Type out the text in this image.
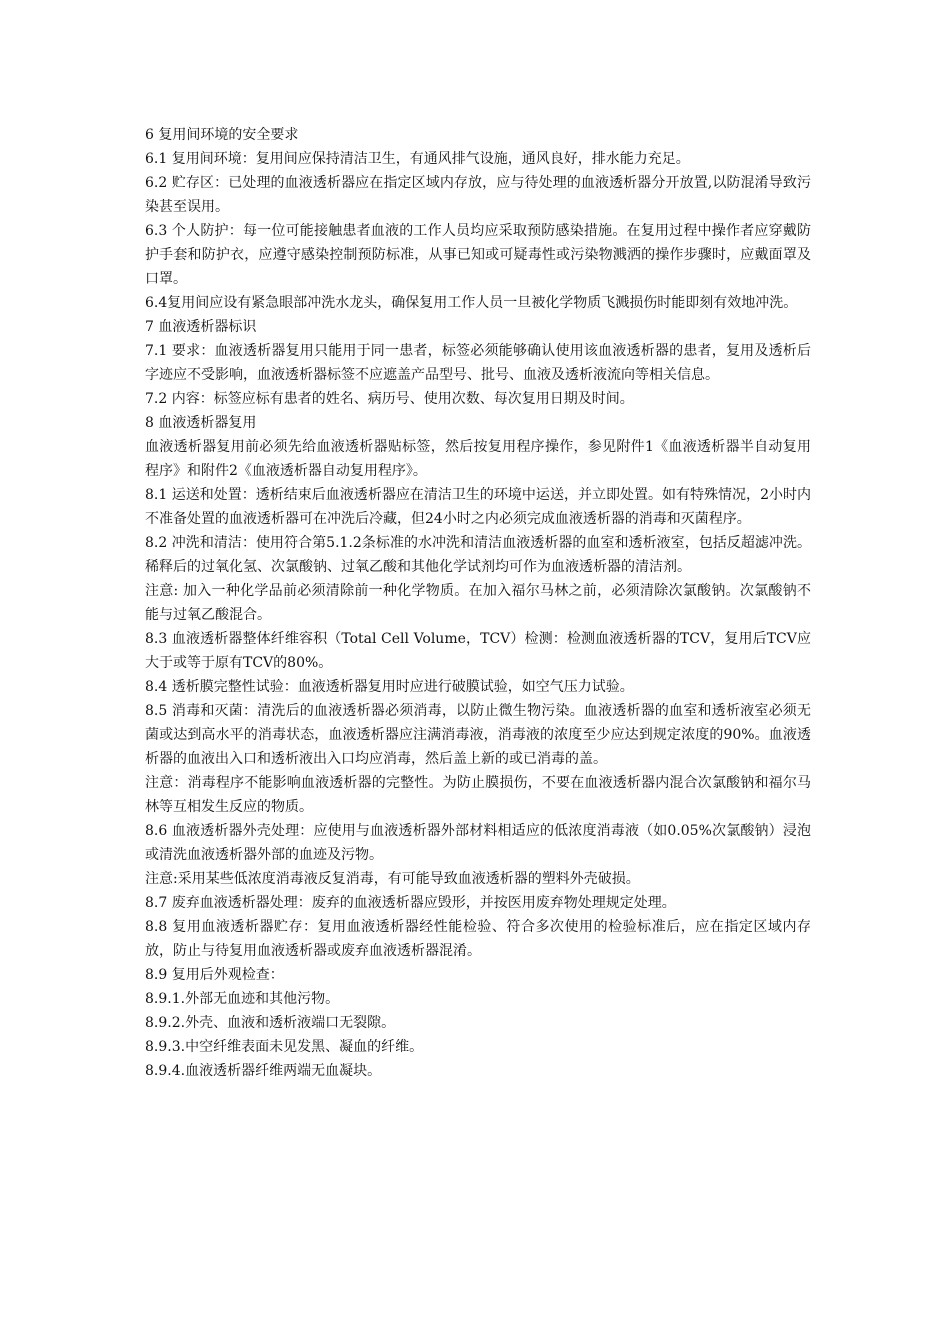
6 复用间环境的安全要求

6.1 复用间环境：复用间应保持清洁卫生，有通风排气设施，通风良好，排水能力充足。

6.2 贮存区：已处理的血液透析器应在指定区域内存放，应与待处理的血液透析器分开放置,以防混淆导致污染甚至误用。

6.3 个人防护：每一位可能接触患者血液的工作人员均应采取预防感染措施。在复用过程中操作者应穿戴防护手套和防护衣，应遵守感染控制预防标准，从事已知或可疑毒性或污染物溅洒的操作步骤时，应戴面罩及口罩。

6.4复用间应设有紧急眼部冲洗水龙头，确保复用工作人员一旦被化学物质飞溅损伤时能即刻有效地冲洗。

7 血液透析器标识

7.1 要求：血液透析器复用只能用于同一患者，标签必须能够确认使用该血液透析器的患者，复用及透析后字迹应不受影响，血液透析器标签不应遮盖产品型号、批号、血液及透析液流向等相关信息。

7.2 内容：标签应标有患者的姓名、病历号、使用次数、每次复用日期及时间。

8 血液透析器复用

血液透析器复用前必须先给血液透析器贴标签，然后按复用程序操作，参见附件1《血液透析器半自动复用程序》和附件2《血液透析器自动复用程序》。

8.1 运送和处置：透析结束后血液透析器应在清洁卫生的环境中运送，并立即处置。如有特殊情况，2小时内不准备处置的血液透析器可在冲洗后冷藏，但24小时之内必须完成血液透析器的消毒和灭菌程序。

8.2 冲洗和清洁：使用符合第5.1.2条标准的水冲洗和清洁血液透析器的血室和透析液室，包括反超滤冲洗。稀释后的过氧化氢、次氯酸钠、过氧乙酸和其他化学试剂均可作为血液透析器的清洁剂。

注意: 加入一种化学品前必须清除前一种化学物质。在加入福尔马林之前，必须清除次氯酸钠。次氯酸钠不能与过氧乙酸混合。

8.3 血液透析器整体纤维容积（Total Cell Volume，TCV）检测：检测血液透析器的TCV，复用后TCV应大于或等于原有TCV的80%。

8.4 透析膜完整性试验：血液透析器复用时应进行破膜试验，如空气压力试验。

8.5 消毒和灭菌：清洗后的血液透析器必须消毒，以防止微生物污染。血液透析器的血室和透析液室必须无菌或达到高水平的消毒状态，血液透析器应注满消毒液，消毒液的浓度至少应达到规定浓度的90%。血液透析器的血液出入口和透析液出入口均应消毒，然后盖上新的或已消毒的盖。

注意：消毒程序不能影响血液透析器的完整性。为防止膜损伤，不要在血液透析器内混合次氯酸钠和福尔马林等互相发生反应的物质。

8.6 血液透析器外壳处理：应使用与血液透析器外部材料相适应的低浓度消毒液（如0.05%次氯酸钠）浸泡或清洗血液透析器外部的血迹及污物。

注意:采用某些低浓度消毒液反复消毒，有可能导致血液透析器的塑料外壳破损。

8.7 废弃血液透析器处理：废弃的血液透析器应毁形，并按医用废弃物处理规定处理。

8.8 复用血液透析器贮存：复用血液透析器经性能检验、符合多次使用的检验标准后，应在指定区域内存放，防止与待复用血液透析器或废弃血液透析器混淆。

8.9 复用后外观检查：

8.9.1.外部无血迹和其他污物。

8.9.2.外壳、血液和透析液端口无裂隙。

8.9.3.中空纤维表面未见发黑、凝血的纤维。

8.9.4.血液透析器纤维两端无血凝块。
